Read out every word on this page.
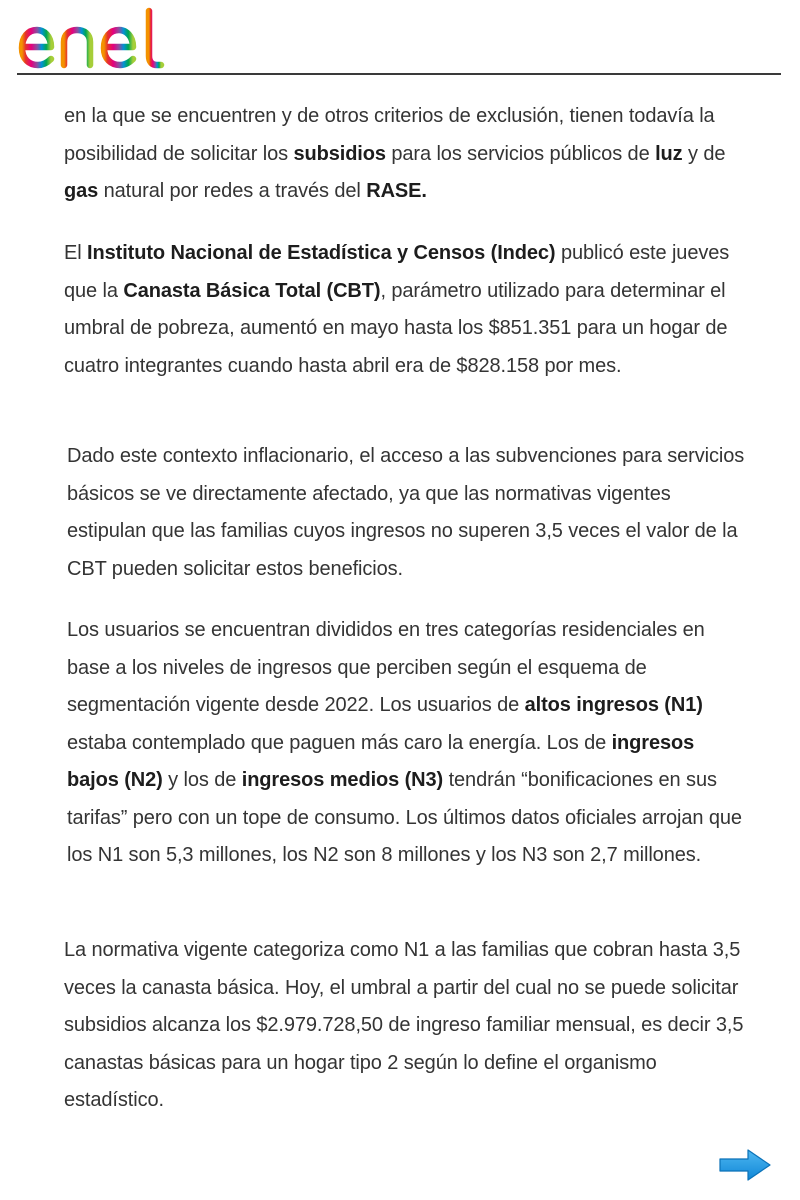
enel

en la que se encuentren y de otros criterios de exclusión, tienen todavía la posibilidad de solicitar los subsidios para los servicios públicos de luz y de gas natural por redes a través del RASE.

El Instituto Nacional de Estadística y Censos (Indec) publicó este jueves que la Canasta Básica Total (CBT), parámetro utilizado para determinar el umbral de pobreza, aumentó en mayo hasta los $851.351 para un hogar de cuatro integrantes cuando hasta abril era de $828.158 por mes.

Dado este contexto inflacionario, el acceso a las subvenciones para servicios básicos se ve directamente afectado, ya que las normativas vigentes estipulan que las familias cuyos ingresos no superen 3,5 veces el valor de la CBT pueden solicitar estos beneficios.

Los usuarios se encuentran divididos en tres categorías residenciales en base a los niveles de ingresos que perciben según el esquema de segmentación vigente desde 2022. Los usuarios de altos ingresos (N1) estaba contemplado que paguen más caro la energía. Los de ingresos bajos (N2) y los de ingresos medios (N3) tendrán “bonificaciones en sus tarifas” pero con un tope de consumo. Los últimos datos oficiales arrojan que los N1 son 5,3 millones, los N2 son 8 millones y los N3 son 2,7 millones.

La normativa vigente categoriza como N1 a las familias que cobran hasta 3,5 veces la canasta básica. Hoy, el umbral a partir del cual no se puede solicitar subsidios alcanza los $2.979.728,50 de ingreso familiar mensual, es decir 3,5 canastas básicas para un hogar tipo 2 según lo define el organismo estadístico.
